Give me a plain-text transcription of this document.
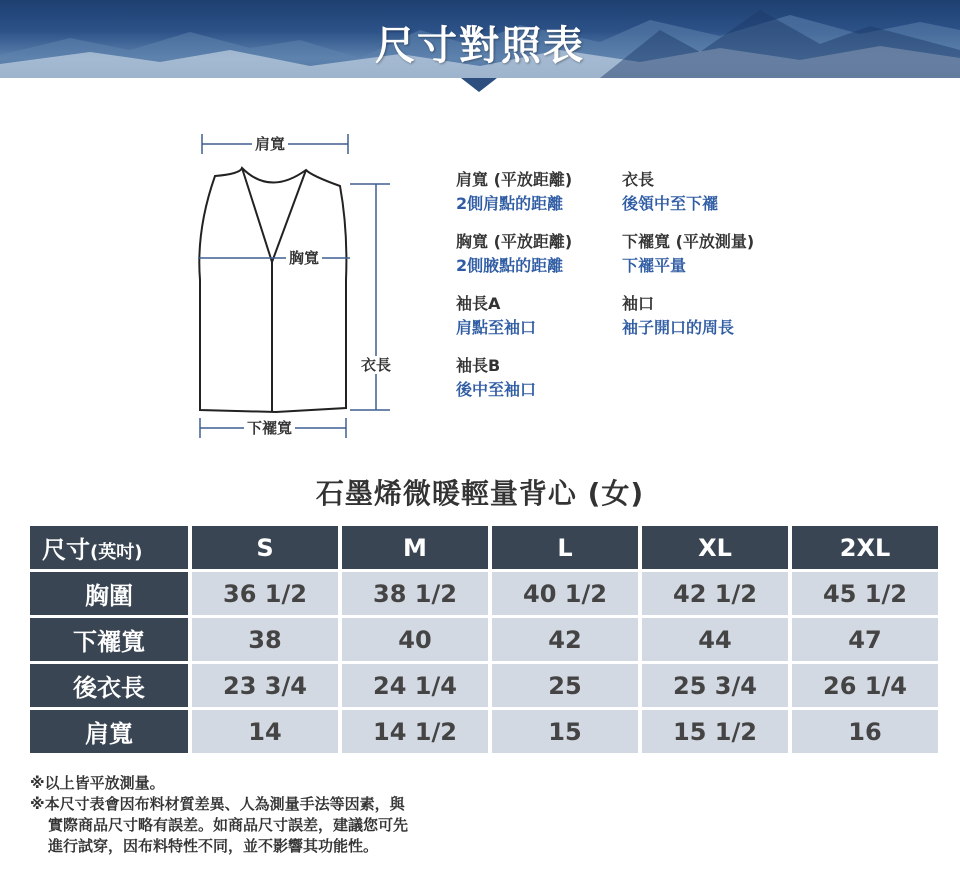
尺寸對照表
肩寬
胸寬
衣長
下襬寬
肩寬 (平放距離)
2側肩點的距離
衣長
後領中至下襬
胸寬 (平放距離)
2側腋點的距離
下襬寬 (平放測量)
下襬平量
袖長A
肩點至袖口
袖口
袖子開口的周長
袖長B
後中至袖口
石墨烯微暖輕量背心 (女)
尺寸(英吋)	S	M	L	XL	2XL
胸圍	36 1/2	38 1/2	40 1/2	42 1/2	45 1/2
下襬寬	38	40	42	44	47
後衣長	23 3/4	24 1/4	25	25 3/4	26 1/4
肩寬	14	14 1/2	15	15 1/2	16
※以上皆平放測量。
※本尺寸表會因布料材質差異、人為測量手法等因素，與
實際商品尺寸略有誤差。如商品尺寸誤差，建議您可先
進行試穿，因布料特性不同，並不影響其功能性。
